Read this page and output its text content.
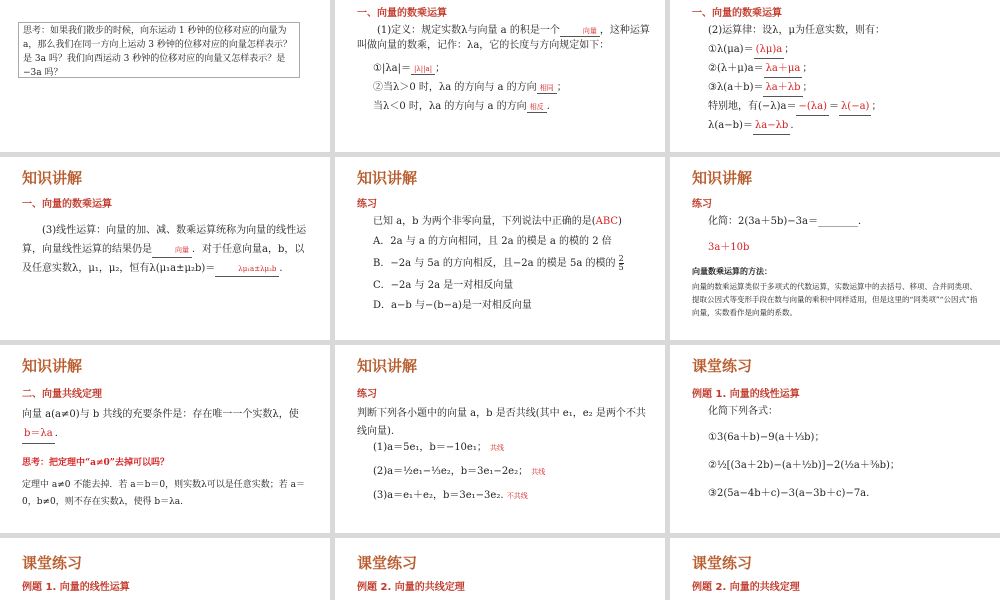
思考：如果我们散步的时候，向东运动 1 秒钟的位移对应的向量为 a，那么我们在同一方向上运动 3 秒钟的位移对应的向量怎样表示？是 3a 吗？我们向西运动 3 秒钟的位移对应的向量又怎样表示？是 −3a 吗？
一、向量的数乘运算
(1)定义：规定实数λ与向量 a 的积是一个	向量 ，这种运算叫做向量的数乘，记作：λa，它的长度与方向规定如下：
①|λa|＝ |λ||a| ；
②当λ＞0 时，λa 的方向与 a 的方向 相同 ；
当λ＜0 时，λa 的方向与 a 的方向 相反 .
一、向量的数乘运算
(2)运算律：设λ，μ为任意实数，则有：
①λ(μa)＝ (λμ)a ；
②(λ＋μ)a＝ λa＋μa ；
③λ(a＋b)＝ λa＋λb ；
特别地，有(−λ)a＝ −(λa) ＝ λ(−a) ；
λ(a−b)＝ λa−λb .
知识讲解
一、向量的数乘运算
(3)线性运算：向量的加、减、数乘运算统称为向量的线性运算，向量线性运算的结果仍是	向量 ．对于任意向量a，b，以及任意实数λ，μ₁，μ₂，恒有λ(μ₁a±μ₂b)＝	λμ₁a±λμ₂b .
知识讲解
练习
已知 a，b 为两个非零向量，下列说法中正确的是(ABC)
A．2a 与 a 的方向相同，且 2a 的模是 a 的模的 2 倍
B．−2a 与 5a 的方向相反，且−2a 的模是 5a 的模的 $\frac{2}{5}$
C．−2a 与 2a 是一对相反向量
D．a−b 与−(b−a)是一对相反向量
知识讲解
练习
化简：2(3a＋5b)−3a＝________．
3a＋10b
向量数乘运算的方法：
向量的数乘运算类似于多项式的代数运算，实数运算中的去括号、移项、合并同类项、提取公因式等变形手段在数与向量的乘积中同样适用，但是这里的“同类项”“公因式”指向量，实数看作是向量的系数。
知识讲解
二、向量共线定理
向量 a(a≠0)与 b 共线的充要条件是：存在唯一一个实数λ，使b＝λa ．
思考：把定理中“a≠0”去掉可以吗？
定理中 a≠0 不能去掉．若 a＝b＝0，则实数λ可以是任意实数；若 a＝0，b≠0，则不存在实数λ，使得 b＝λa.
知识讲解
练习
判断下列各小题中的向量 a，b 是否共线(其中 e₁，e₂ 是两个不共线向量).
(1)a＝5e₁，b＝−10e₁； 共线
(2)a＝½e₁−⅓e₂，b＝3e₁−2e₂； 共线
(3)a＝e₁＋e₂，b＝3e₁−3e₂. 不共线
课堂练习
例题 1. 向量的线性运算
化简下列各式：
①3(6a＋b)−9(a＋⅓b)；
②½[(3a＋2b)−(a＋½b)]−2(½a＋⅜b)；
③2(5a−4b＋c)−3(a−3b＋c)−7a.
课堂练习
例题 1. 向量的线性运算
课堂练习
例题 2. 向量的共线定理
课堂练习
例题 2. 向量的共线定理
